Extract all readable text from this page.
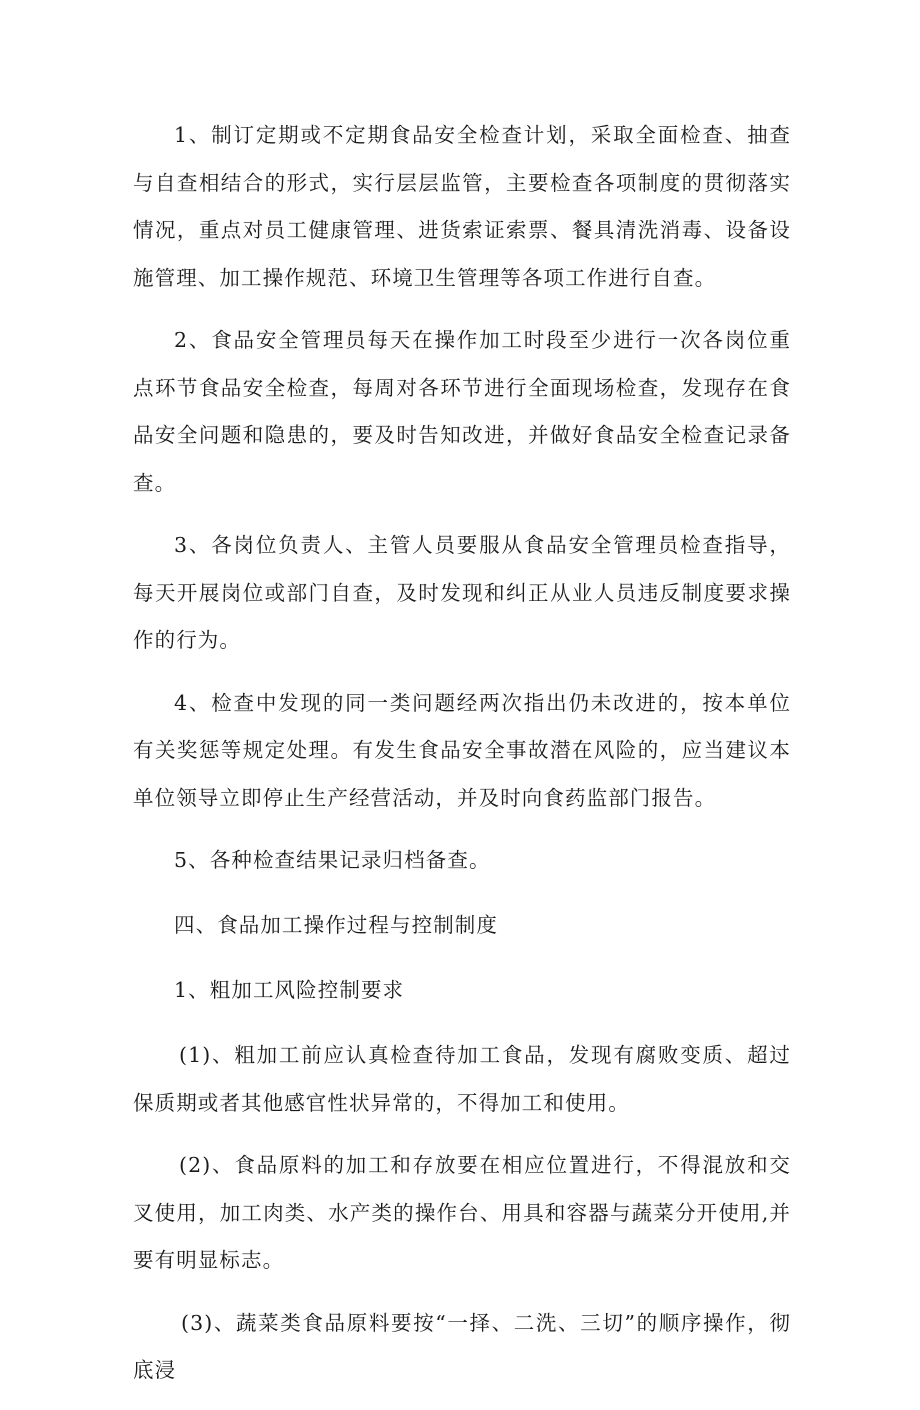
1、制订定期或不定期食品安全检查计划，采取全面检查、抽查与自查相结合的形式，实行层层监管，主要检查各项制度的贯彻落实情况，重点对员工健康管理、进货索证索票、餐具清洗消毒、设备设施管理、加工操作规范、环境卫生管理等各项工作进行自查。

2、食品安全管理员每天在操作加工时段至少进行一次各岗位重点环节食品安全检查，每周对各环节进行全面现场检查，发现存在食品安全问题和隐患的，要及时告知改进，并做好食品安全检查记录备查。

3、各岗位负责人、主管人员要服从食品安全管理员检查指导，每天开展岗位或部门自查，及时发现和纠正从业人员违反制度要求操作的行为。

4、检查中发现的同一类问题经两次指出仍未改进的，按本单位有关奖惩等规定处理。有发生食品安全事故潜在风险的，应当建议本单位领导立即停止生产经营活动，并及时向食药监部门报告。

5、各种检查结果记录归档备查。

四、食品加工操作过程与控制制度

1、粗加工风险控制要求

(1)、粗加工前应认真检查待加工食品，发现有腐败变质、超过保质期或者其他感官性状异常的，不得加工和使用。

(2)、食品原料的加工和存放要在相应位置进行，不得混放和交叉使用，加工肉类、水产类的操作台、用具和容器与蔬菜分开使用,并要有明显标志。

(3)、蔬菜类食品原料要按“一择、二洗、三切”的顺序操作，彻底浸
